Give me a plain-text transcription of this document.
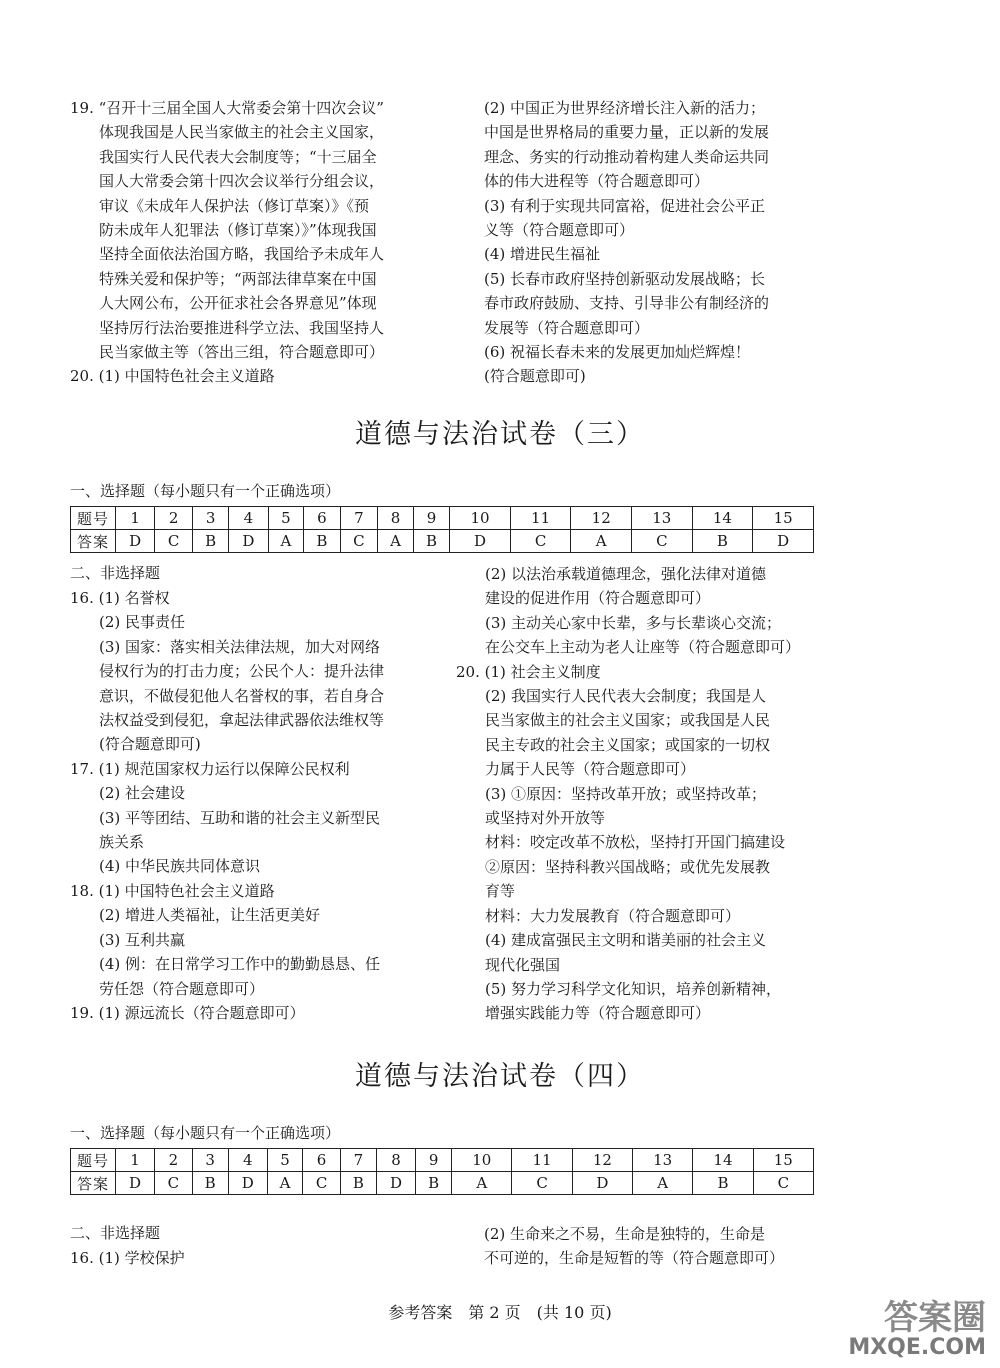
19. “召开十三届全国人大常委会第十四次会议”

体现我国是人民当家做主的社会主义国家，

我国实行人民代表大会制度等；“十三届全

国人大常委会第十四次会议举行分组会议，

审议《未成年人保护法（修订草案）》《预

防未成年人犯罪法（修订草案）》”体现我国

坚持全面依法治国方略，我国给予未成年人

特殊关爱和保护等；“两部法律草案在中国

人大网公布，公开征求社会各界意见”体现

坚持厉行法治要推进科学立法、我国坚持人

民当家做主等（答出三组，符合题意即可）

20. (1) 中国特色社会主义道路

(2) 中国正为世界经济增长注入新的活力；

中国是世界格局的重要力量，正以新的发展

理念、务实的行动推动着构建人类命运共同

体的伟大进程等（符合题意即可）

(3) 有利于实现共同富裕，促进社会公平正

义等（符合题意即可）

(4) 增进民生福祉

(5) 长春市政府坚持创新驱动发展战略；长

春市政府鼓励、支持、引导非公有制经济的

发展等（符合题意即可）

(6) 祝福长春未来的发展更加灿烂辉煌！

(符合题意即可)

道德与法治试卷（三）

一、选择题（每小题只有一个正确选项）

题号	1	2	3	4	5	6	7	8	9	10	11	12	13	14	15
答案	D	C	B	D	A	B	C	A	B	D	C	A	C	B	D

二、非选择题

16. (1) 名誉权

(2) 民事责任

(3) 国家：落实相关法律法规，加大对网络

侵权行为的打击力度；公民个人：提升法律

意识，不做侵犯他人名誉权的事，若自身合

法权益受到侵犯，拿起法律武器依法维权等

(符合题意即可)

17. (1) 规范国家权力运行以保障公民权利

(2) 社会建设

(3) 平等团结、互助和谐的社会主义新型民

族关系

(4) 中华民族共同体意识

18. (1) 中国特色社会主义道路

(2) 增进人类福祉，让生活更美好

(3) 互利共赢

(4) 例：在日常学习工作中的勤勤恳恳、任

劳任怨（符合题意即可）

19. (1) 源远流长（符合题意即可）

(2) 以法治承载道德理念，强化法律对道德

建设的促进作用（符合题意即可）

(3) 主动关心家中长辈，多与长辈谈心交流；

在公交车上主动为老人让座等（符合题意即可）

20. (1) 社会主义制度

(2) 我国实行人民代表大会制度；我国是人

民当家做主的社会主义国家；或我国是人民

民主专政的社会主义国家；或国家的一切权

力属于人民等（符合题意即可）

(3) ①原因：坚持改革开放；或坚持改革；

或坚持对外开放等

材料：咬定改革不放松，坚持打开国门搞建设

②原因：坚持科教兴国战略；或优先发展教

育等

材料：大力发展教育（符合题意即可）

(4) 建成富强民主文明和谐美丽的社会主义

现代化强国

(5) 努力学习科学文化知识，培养创新精神，

增强实践能力等（符合题意即可）

道德与法治试卷（四）

一、选择题（每小题只有一个正确选项）

题号	1	2	3	4	5	6	7	8	9	10	11	12	13	14	15
答案	D	C	B	D	A	C	B	D	B	A	C	D	A	B	C

二、非选择题

16. (1) 学校保护

(2) 生命来之不易，生命是独特的，生命是

不可逆的，生命是短暂的等（符合题意即可）

参考答案　第 2 页　(共 10 页)	答案圈
MXQE.COM
